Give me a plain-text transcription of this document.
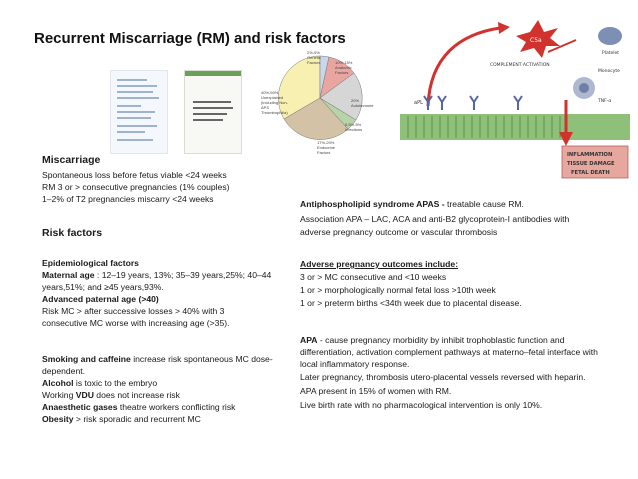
Recurrent Miscarriage (RM) and risk factors
40%-50% Unexplained (including Non-APS Thrombophilia)
2%-5% Genetic Factors	10%-15% Anatomic Factors
20% Autoimmune
0.5%-5% Infections
17%-20% Endocrine Factors
C5a
COMPLEMENT ACTIVATION
aPL
Platelet
Monocyte
TNF-α
INFLAMMATION
TISSUE DAMAGE
FETAL DEATH

Miscarriage

Spontaneous loss before fetus viable <24 weeks

RM 3 or > consecutive pregnancies (1% couples)

1–2% of T2 pregnancies miscarry <24 weeks

Risk factors

Epidemiological factors

Maternal age : 12–19 years, 13%; 35–39 years,25%; 40–44 years,51%; and ≥45 years,93%.

Advanced paternal age (>40)

Risk MC > after successive losses > 40% with 3 consecutive MC worse with increasing age (>35).

Smoking and caffeine increase risk spontaneous MC dose-dependent.

Alcohol is toxic to the embryo

Working VDU does not increase risk

Anaesthetic gases theatre workers conflicting risk

Obesity > risk sporadic and recurrent MC

Antiphospholipid syndrome APAS - treatable cause RM.

Association APA – LAC, ACA and anti-B2 glycoprotein-I antibodies with adverse pregnancy outcome or vascular thrombosis

Adverse pregnancy outcomes include:

3 or > MC consecutive and <10 weeks

1 or > morphologically normal fetal loss >10th week

1 or > preterm births <34th week due to placental disease.

APA - cause pregnancy morbidity by inhibit trophoblastic function and differentiation, activation complement pathways at materno–fetal interface with local inflammatory response.

Later pregnancy, thrombosis utero-placental vessels reversed with heparin.

APA present in 15% of women with RM.

Live birth rate with no pharmacological intervention is only 10%.
